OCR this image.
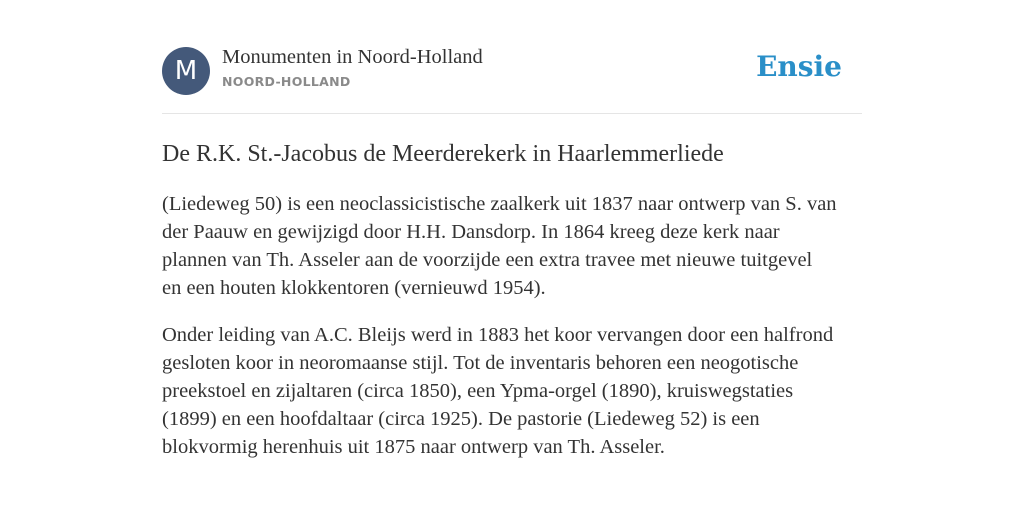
M	Monumenten in Noord-Holland
NOORD-HOLLAND	Ensie
De R.K. St.-Jacobus de Meerderekerk in Haarlemmerliede

(Liedeweg 50) is een neoclassicistische zaalkerk uit 1837 naar ontwerp van S. van
der Paauw en gewijzigd door H.H. Dansdorp. In 1864 kreeg deze kerk naar
plannen van Th. Asseler aan de voorzijde een extra travee met nieuwe tuitgevel
en een houten klokkentoren (vernieuwd 1954).

Onder leiding van A.C. Bleijs werd in 1883 het koor vervangen door een halfrond
gesloten koor in neoromaanse stijl. Tot de inventaris behoren een neogotische
preekstoel en zijaltaren (circa 1850), een Ypma-orgel (1890), kruiswegstaties
(1899) en een hoofdaltaar (circa 1925). De pastorie (Liedeweg 52) is een
blokvormig herenhuis uit 1875 naar ontwerp van Th. Asseler.
